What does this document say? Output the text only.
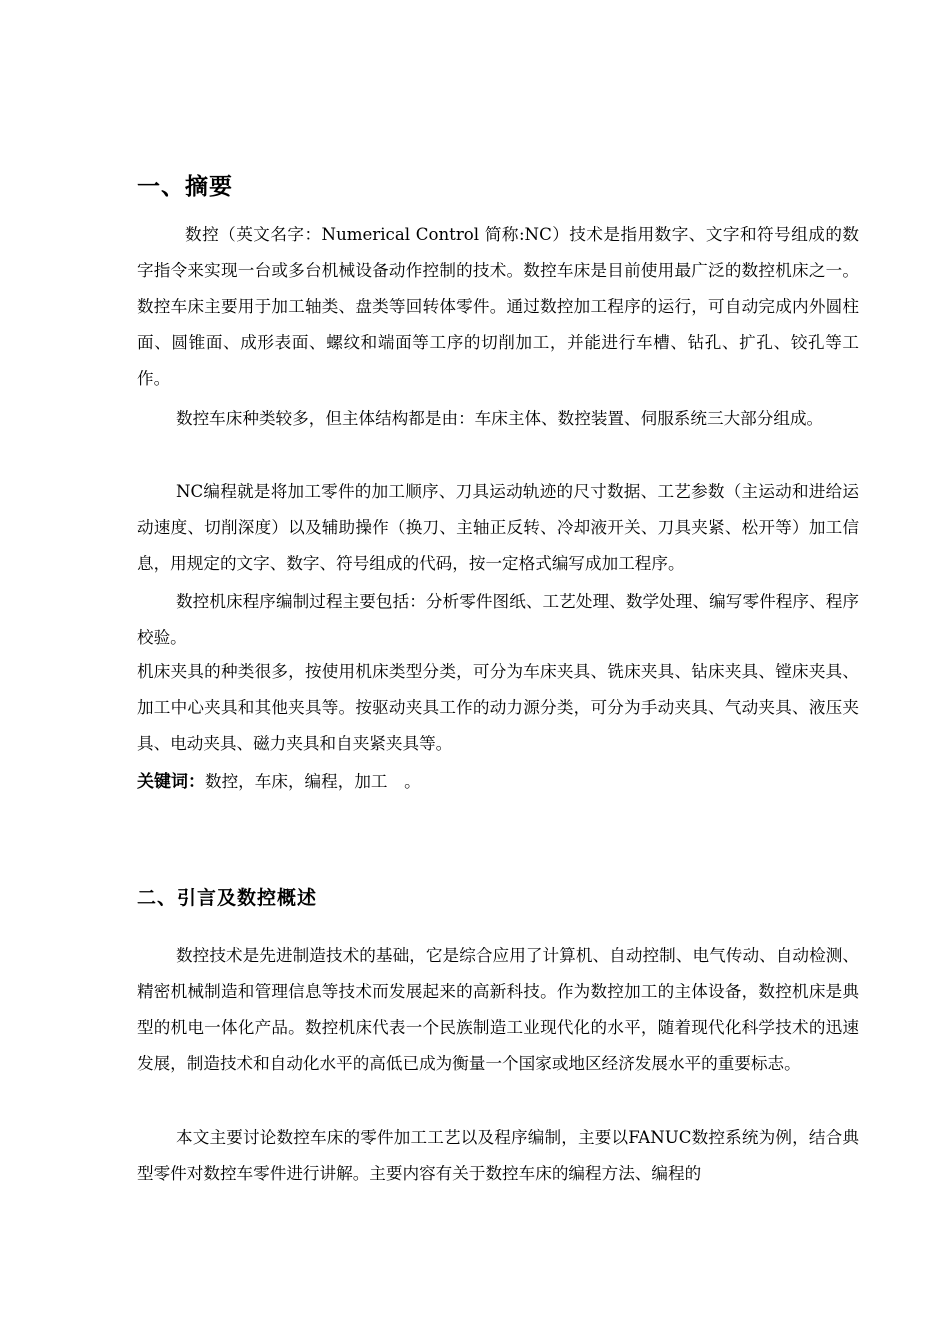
一、摘要

数控（英文名字：Numerical Control 简称:NC）技术是指用数字、文字和符号组成的数字指令来实现一台或多台机械设备动作控制的技术。数控车床是目前使用最广泛的数控机床之一。数控车床主要用于加工轴类、盘类等回转体零件。通过数控加工程序的运行，可自动完成内外圆柱面、圆锥面、成形表面、螺纹和端面等工序的切削加工，并能进行车槽、钻孔、扩孔、铰孔等工作。

数控车床种类较多，但主体结构都是由：车床主体、数控装置、伺服系统三大部分组成。

NC编程就是将加工零件的加工顺序、刀具运动轨迹的尺寸数据、工艺参数（主运动和进给运动速度、切削深度）以及辅助操作（换刀、主轴正反转、冷却液开关、刀具夹紧、松开等）加工信息，用规定的文字、数字、符号组成的代码，按一定格式编写成加工程序。

数控机床程序编制过程主要包括：分析零件图纸、工艺处理、数学处理、编写零件程序、程序校验。

机床夹具的种类很多，按使用机床类型分类，可分为车床夹具、铣床夹具、钻床夹具、镗床夹具、加工中心夹具和其他夹具等。按驱动夹具工作的动力源分类，可分为手动夹具、气动夹具、液压夹具、电动夹具、磁力夹具和自夹紧夹具等。

关键词：数控，车床，编程，加工　。

二、引言及数控概述

数控技术是先进制造技术的基础，它是综合应用了计算机、自动控制、电气传动、自动检测、精密机械制造和管理信息等技术而发展起来的高新科技。作为数控加工的主体设备，数控机床是典型的机电一体化产品。数控机床代表一个民族制造工业现代化的水平，随着现代化科学技术的迅速发展，制造技术和自动化水平的高低已成为衡量一个国家或地区经济发展水平的重要标志。

本文主要讨论数控车床的零件加工工艺以及程序编制，主要以FANUC数控系统为例，结合典型零件对数控车零件进行讲解。主要内容有关于数控车床的编程方法、编程的
